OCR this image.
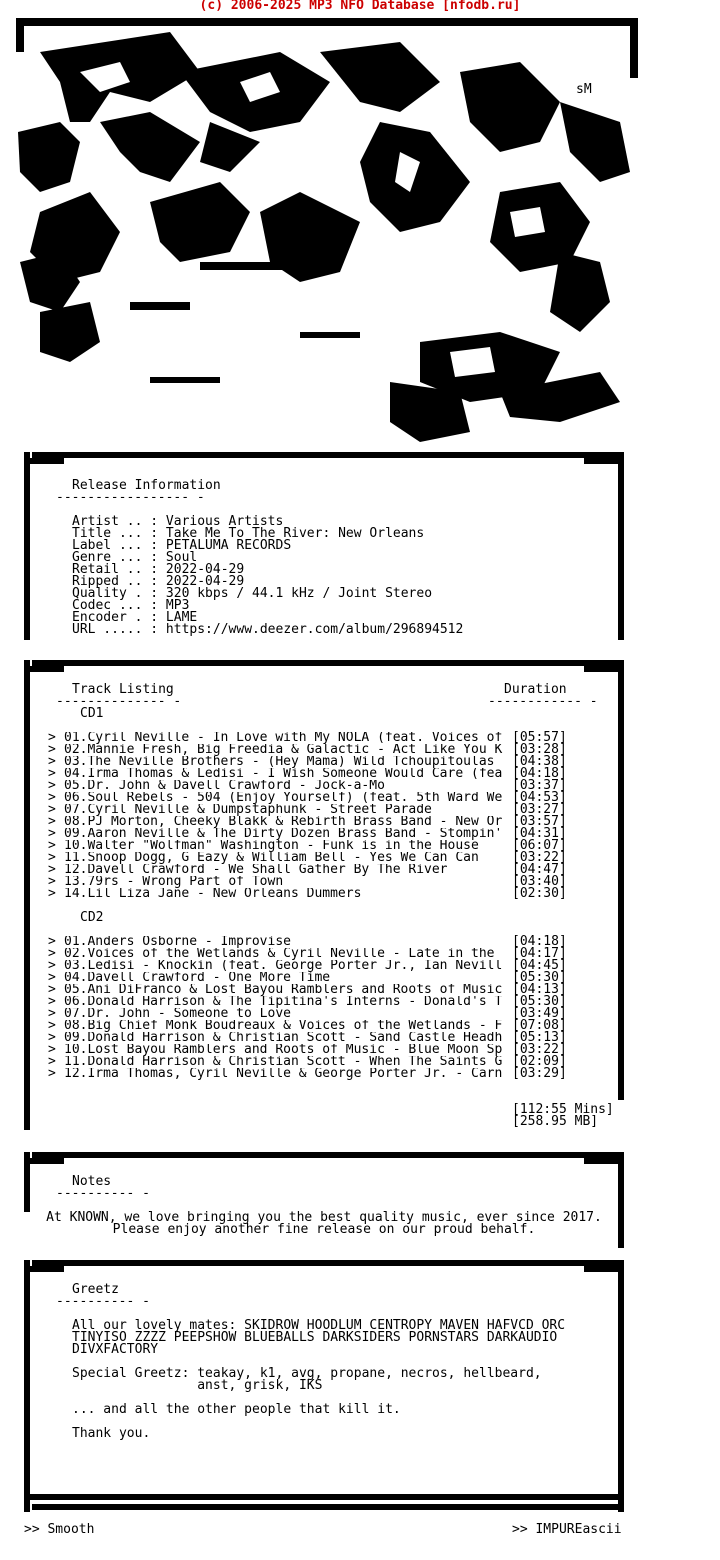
(c) 2006-2025 MP3 NFO Database [nfodb.ru]
sM
Release Information
----------------- -
Artist .. : Various Artists
Title ... : Take Me To The River: New Orleans
Label ... : PETALUMA RECORDS
Genre ... : Soul
Retail .. : 2022-04-29
Ripped .. : 2022-04-29
Quality . : 320 kbps / 44.1 kHz / Joint Stereo
Codec ... : MP3
Encoder . : LAME
URL ..... : https://www.deezer.com/album/296894512
Track Listing
-------------- -
Duration
------------ -
CD1
> 01.Cyril Neville - In Love with My NOLA (feat. Voices of [05:57]
> 02.Mannie Fresh, Big Freedia & Galactic - Act Like You K [03:28]
> 03.The Neville Brothers - (Hey Mama) Wild Tchoupitoulas [04:38]
> 04.Irma Thomas & Ledisi - I Wish Someone Would Care (fea [04:18]
> 05.Dr. John & Davell Crawford - Jock-a-Mo	[03:37]
> 06.Soul Rebels - 504 (Enjoy Yourself) (feat. 5th Ward We [04:53]
> 07.Cyril Neville & Dumpstaphunk - Street Parade	[03:27]
> 08.PJ Morton, Cheeky Blakk & Rebirth Brass Band - New Or [03:57]
> 09.Aaron Neville & The Dirty Dozen Brass Band - Stompin' [04:31]
> 10.Walter "Wolfman" Washington - Funk is in the House	[06:07]
> 11.Snoop Dogg, G Eazy & William Bell - Yes We Can Can	[03:22]
> 12.Davell Crawford - We Shall Gather By The River	[04:47]
> 13.79rs - Wrong Part of Town	[03:40]
> 14.Lil Liza Jane - New Orleans Dummers	[02:30]
CD2
> 01.Anders Osborne - Improvise	[04:18]
> 02.Voices of the Wetlands & Cyril Neville - Late in the [04:17]
> 03.Ledisi - Knockin (feat. George Porter Jr., Ian Nevill [04:45]
> 04.Davell Crawford - One More Time	[05:30]
> 05.Ani DiFranco & Lost Bayou Ramblers and Roots of Music [04:13]
> 06.Donald Harrison & The Tipitina's Interns - Donald's T [05:30]
> 07.Dr. John - Someone to Love	[03:49]
> 08.Big Chief Monk Boudreaux & Voices of the Wetlands - F [07:08]
> 09.Donald Harrison & Christian Scott - Sand Castle Headh [05:13]
> 10.Lost Bayou Ramblers and Roots of Music - Blue Moon Sp [03:22]
> 11.Donald Harrison & Christian Scott - When The Saints G [02:09]
> 12.Irma Thomas, Cyril Neville & George Porter Jr. - Carn [03:29]
[112:55 Mins]
[258.95 MB]
Notes
---------- -
At KNOWN, we love bringing you the best quality music, ever since 2017.
Please enjoy another fine release on our proud behalf.
Greetz
---------- -
All our lovely mates: SKIDROW HOODLUM CENTROPY MAVEN HAFVCD ORC
TINYISO ZZZZ PEEPSHOW BLUEBALLS DARKSIDERS PORNSTARS DARKAUDIO
DIVXFACTORY
Special Greetz: teakay, k1, avg, propane, necros, hellbeard,
anst, grisk, IKS
... and all the other people that kill it.
Thank you.
>> Smooth	>> IMPUREascii
